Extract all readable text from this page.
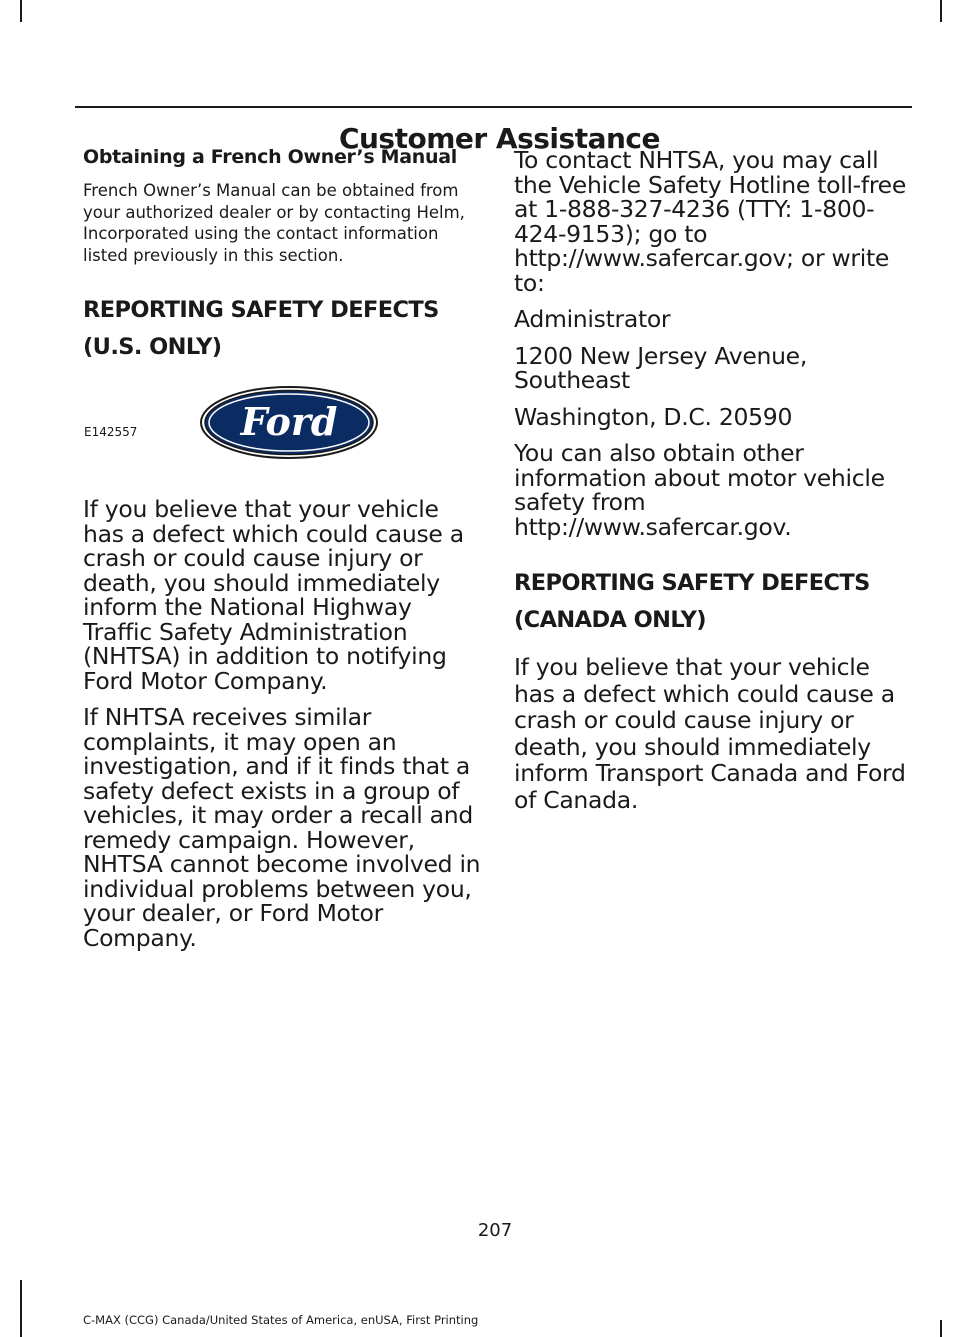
Customer Assistance
Obtaining a French Owner’s Manual

French Owner’s Manual can be obtained from your authorized dealer or by contacting Helm, Incorporated using the contact information listed previously in this section.

REPORTING SAFETY DEFECTS
(U.S. ONLY)
E142557	Ford

If you believe that your vehicle has a defect which could cause a crash or could cause injury or death, you should immediately inform the National Highway Traffic Safety Administration (NHTSA) in addition to notifying Ford Motor Company.

If NHTSA receives similar complaints, it may open an investigation, and if it finds that a safety defect exists in a group of vehicles, it may order a recall and remedy campaign. However, NHTSA cannot become involved in individual problems between you, your dealer, or Ford Motor Company.

To contact NHTSA, you may call the Vehicle Safety Hotline toll-free at 1-888-327-4236 (TTY: 1-800-424-9153); go to http://www.safercar.gov; or write to:

Administrator

1200 New Jersey Avenue, Southeast

Washington, D.C. 20590

You can also obtain other information about motor vehicle safety from http://www.safercar.gov.

REPORTING SAFETY DEFECTS
(CANADA ONLY)

If you believe that your vehicle has a defect which could cause a crash or could cause injury or death, you should immediately inform Transport Canada and Ford of Canada.

207
C-MAX (CCG) Canada/United States of America, enUSA, First Printing
